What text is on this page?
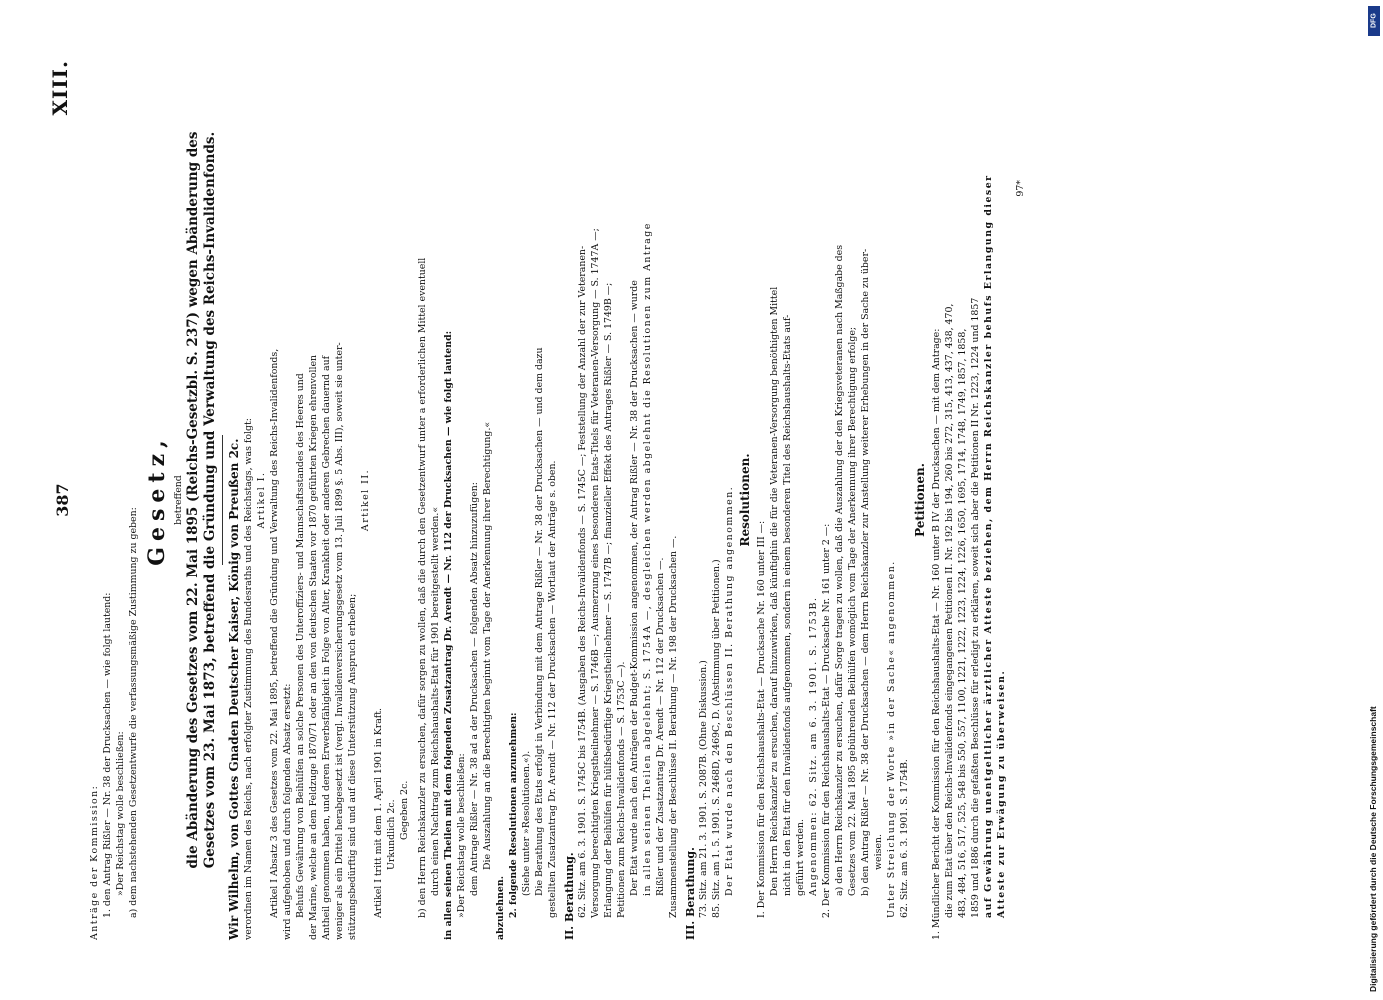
387
XIII.

Anträge der Kommission: 1. den Antrag Rißler — Nr. 38 der Drucksachen — wie folgt lautend: »Der Reichstag wolle beschließen: a) dem nachstehenden Gesetzentwurfe die verfassungsmäßige Zustimmung zu geben:

Gesetz, betreffend die Abänderung des Gesetzes vom 22. Mai 1895 (Reichs-Gesetzbl. S. 237) wegen Abänderung des Gesetzes vom 23. Mai 1873, betreffend die Gründung und Verwaltung des Reichs-Invalidenfonds. Wir Wilhelm, von Gottes Gnaden Deutscher Kaiser, König von Preußen 2c. verordnen im Namen des Reichs, nach erfolgter Zustimmung des Bundesraths und des Reichstags, was folgt: Artikel I. Artikel I Absatz 3 des Gesetzes vom 22. Mai 1895, betreffend die Gründung und Verwaltung des Reichs-Invalidenfonds, wird aufgehoben und durch folgenden Absatz ersetzt: Behufs Gewährung von Beihülfen an solche Personen des Unteroffiziers- und Mannschaftsstandes des Heeres und der Marine, welche an dem Feldzuge 1870/71 oder an den von deutschen Staaten vor 1870 geführten Kriegen ehrenvollen Antheil genommen haben, und deren Erwerbsfähigkeit in Folge von Alter, Krankheit oder anderen Gebrechen dauernd auf weniger als ein Drittel herabgesetzt ist (vergl. Invalidenversicherungsgesetz vom 13. Juli 1899 §. 5 Abs. III), soweit sie unter- stützungsbedürftig sind und auf diese Unterstützung Anspruch erheben;

Artikel II.

Artikel I tritt mit dem 1. April 1901 in Kraft. Urkundlich 2c. Gegeben 2c. b) den Herrn Reichskanzler zu ersuchen, dafür sorgen zu wollen, daß die durch den Gesetzentwurf unter a erforderlichen Mittel eventuell durch einen Nachtrag zum Reichshaushalts-Etat für 1901 bereitgestellt werden.« in allen seinen Theilen mit dem folgenden Zusatzantrag Dr. Arendt — Nr. 112 der Drucksachen — wie folgt lautend: »Der Reichstag wolle beschließen: dem Antrage Rißler — Nr. 38 ad a der Drucksachen — folgenden Absatz hinzuzufügen: Die Auszahlung an die Berechtigten beginnt vom Tage der Anerkennung ihrer Berechtigung.«

abzulehnen. 2. folgende Resolutionen anzunehmen: (Siehe unter »Resolutionen.«). Die Berathung des Etats erfolgt in Verbindung mit dem Antrage Rißler — Nr. 38 der Drucksachen — und dem dazu gestellten Zusatzantrag Dr. Arendt — Nr. 112 der Drucksachen — Wortlaut der Anträge s. oben. II. Berathung. 62. Sitz. am 6. 3. 1901. S. 1745C bis 1754B. (Ausgaben des Reichs-Invalidenfonds — S. 1745C —; Feststellung der Anzahl der zur Veteranen- Versorgung berechtigten Kriegstheilnehmer — S. 1746B —; Ausmerzung eines besonderen Etats-Titels für Veteranen-Versorgung — S. 1747A —; Erlangung der Beihülfen für hülfsbedürftige Kriegstheilnehmer — S. 1747B —; finanzieller Effekt des Antrages Rißler — S. 1749B —; Petitionen zum Reichs-Invalidenfonds — S. 1753C —). Der Etat wurde nach den Anträgen der Budget-Kommission angenommen, der Antrag Rißler — Nr. 38 der Drucksachen — wurde in allen seinen Theilen abgelehnt; S. 1754A —, desgleichen werden abgelehnt die Resolutionen zum Antrage Rißler und der Zusatzantrag Dr. Arendt — Nr. 112 der Drucksachen —. Zusammenstellung der Beschlüsse II. Berathung — Nr. 198 der Drucksachen —. III. Berathung. 73. Sitz. am 21. 3. 1901. S. 2087B. (Ohne Diskussion.) 85. Sitz. am 1. 5. 1901. S. 2468D, 2469C, D. (Abstimmung über Petitionen.) Der Etat wurde nach den Beschlüssen II. Berathung angenommen. Resolutionen.

I. Der Kommission für den Reichshaushalts-Etat — Drucksache Nr. 160 unter III —: Den Herrn Reichskanzler zu ersuchen, darauf hinzuwirken, daß künftighin die für die Veteranen-Versorgung benöthigten Mittel nicht in den Etat für den Invalidenfonds aufgenommen, sondern in einem besonderen Titel des Reichshaushalts-Etats auf- geführt werden. Angenommen: 62. Sitz. am 6. 3. 1901. S. 1753B. 2. Der Kommission für den Reichshaushalts-Etat — Drucksache Nr. 161 unter 2 —: a) den Herrn Reichskanzler zu ersuchen, dafür Sorge tragen zu wollen, daß die Auszahlung der den Kriegsveteranen nach Maßgabe des Gesetzes vom 22. Mai 1895 gebührenden Beihülfen womöglich vom Tage der Anerkennung ihrer Berechtigung erfolge; b) den Antrag Rißler — Nr. 38 der Drucksachen — dem Herrn Reichskanzler zur Anstellung weiterer Erhebungen in der Sache zu über- weisen. Unter Streichung der Worte »in der Sache« angenommen. 62. Sitz. am 6. 3. 1901. S. 1754B.

Petitionen. 1. Mündlicher Bericht der Kommission für den Reichshaushalts-Etat — Nr. 160 unter B IV der Drucksachen — mit dem Antrage: die zum Etat über den Reichs-Invalidenfonds eingegangenen Petitionen II. Nr. 192 bis 194, 260 bis 272, 315, 413, 437, 438, 470, 483, 484, 516, 517, 525, 548 bis 550, 557, 1100, 1221, 1222, 1223, 1224, 1226, 1650, 1695, 1714, 1748, 1749, 1857, 1858, 1859 und 1886 durch die gefaßten Beschlüsse für erledigt zu erklären, soweit sich aber die Petitionen II Nr. 1223, 1224 und 1857 auf Gewährung unentgeltlicher ärztlicher Atteste beziehen, dem Herrn Reichskanzler behufs Erlangung dieser Atteste zur Erwägung zu überweisen.

97*

Digitalisierung gefördert durch die Deutsche Forschungsgemeinschaft
DFG
